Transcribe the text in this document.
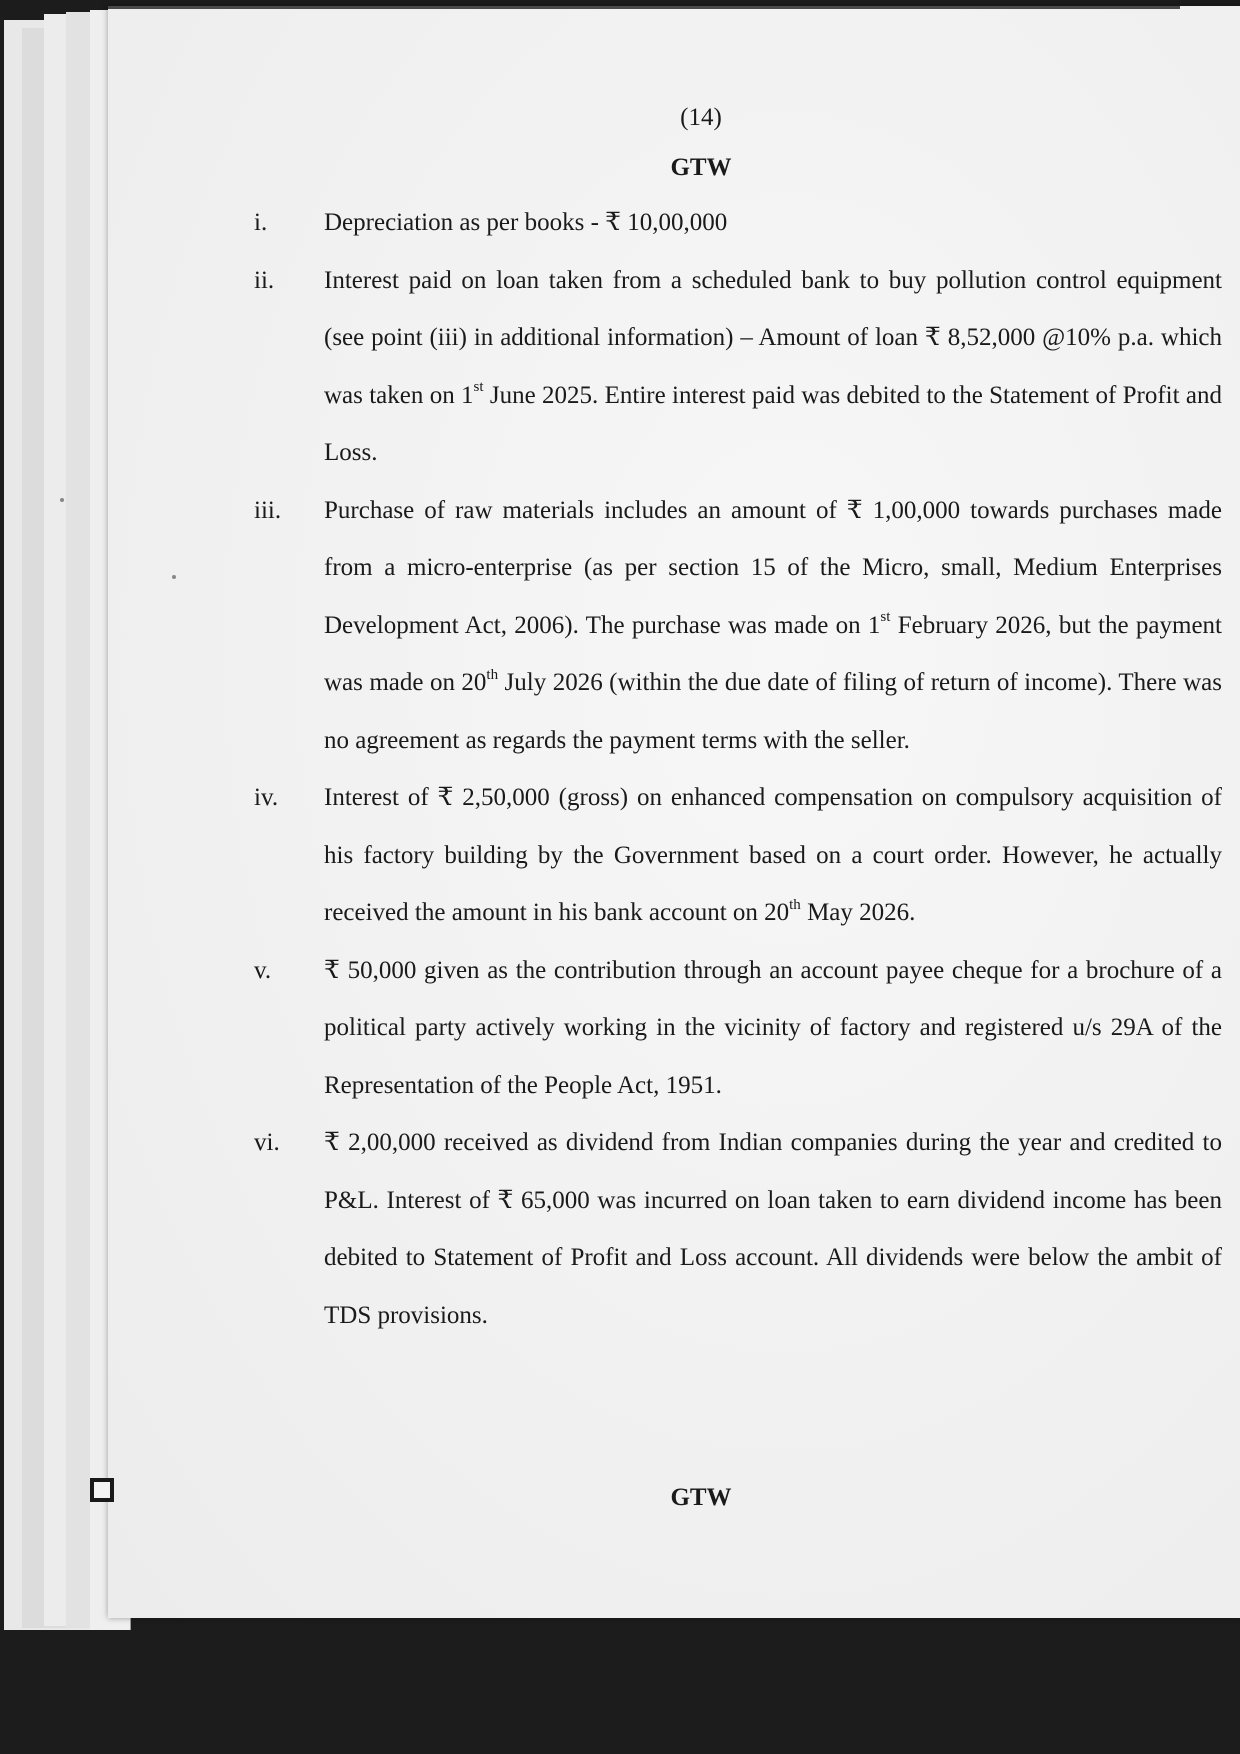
(14)
GTW
i.	Depreciation as per books - ₹ 10,00,000
ii.	Interest paid on loan taken from a scheduled bank to buy pollution control equipment (see point (iii) in additional information) – Amount of loan ₹ 8,52,000 @10% p.a. which was taken on 1st June 2025. Entire interest paid was debited to the Statement of Profit and Loss.
iii.	Purchase of raw materials includes an amount of ₹ 1,00,000 towards purchases made from a micro-enterprise (as per section 15 of the Micro, small, Medium Enterprises Development Act, 2006). The purchase was made on 1st February 2026, but the payment was made on 20th July 2026 (within the due date of filing of return of income). There was no agreement as regards the payment terms with the seller.
iv.	Interest of ₹ 2,50,000 (gross) on enhanced compensation on compulsory acquisition of his factory building by the Government based on a court order. However, he actually received the amount in his bank account on 20th May 2026.
v.	₹ 50,000 given as the contribution through an account payee cheque for a brochure of a political party actively working in the vicinity of factory and registered u/s 29A of the Representation of the People Act, 1951.
vi.	₹ 2,00,000 received as dividend from Indian companies during the year and credited to P&L. Interest of ₹ 65,000 was incurred on loan taken to earn dividend income has been debited to Statement of Profit and Loss account. All dividends were below the ambit of TDS provisions.
GTW
